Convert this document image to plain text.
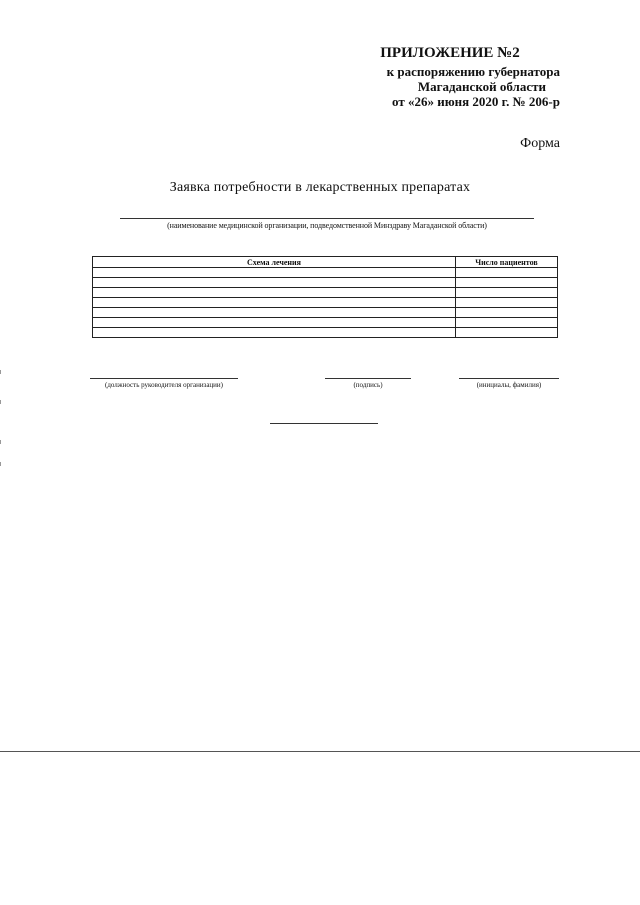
ПРИЛОЖЕНИЕ №2
к распоряжению губернатора
Магаданской области
от «26» июня 2020 г. № 206-р
Форма
Заявка потребности в лекарственных препаратах
(наименование медицинской организации, подведомственной Минздраву Магаданской области)
Схема лечения	Число пациентов

(должность руководителя организации)	(подпись)	(инициалы, фамилия)
